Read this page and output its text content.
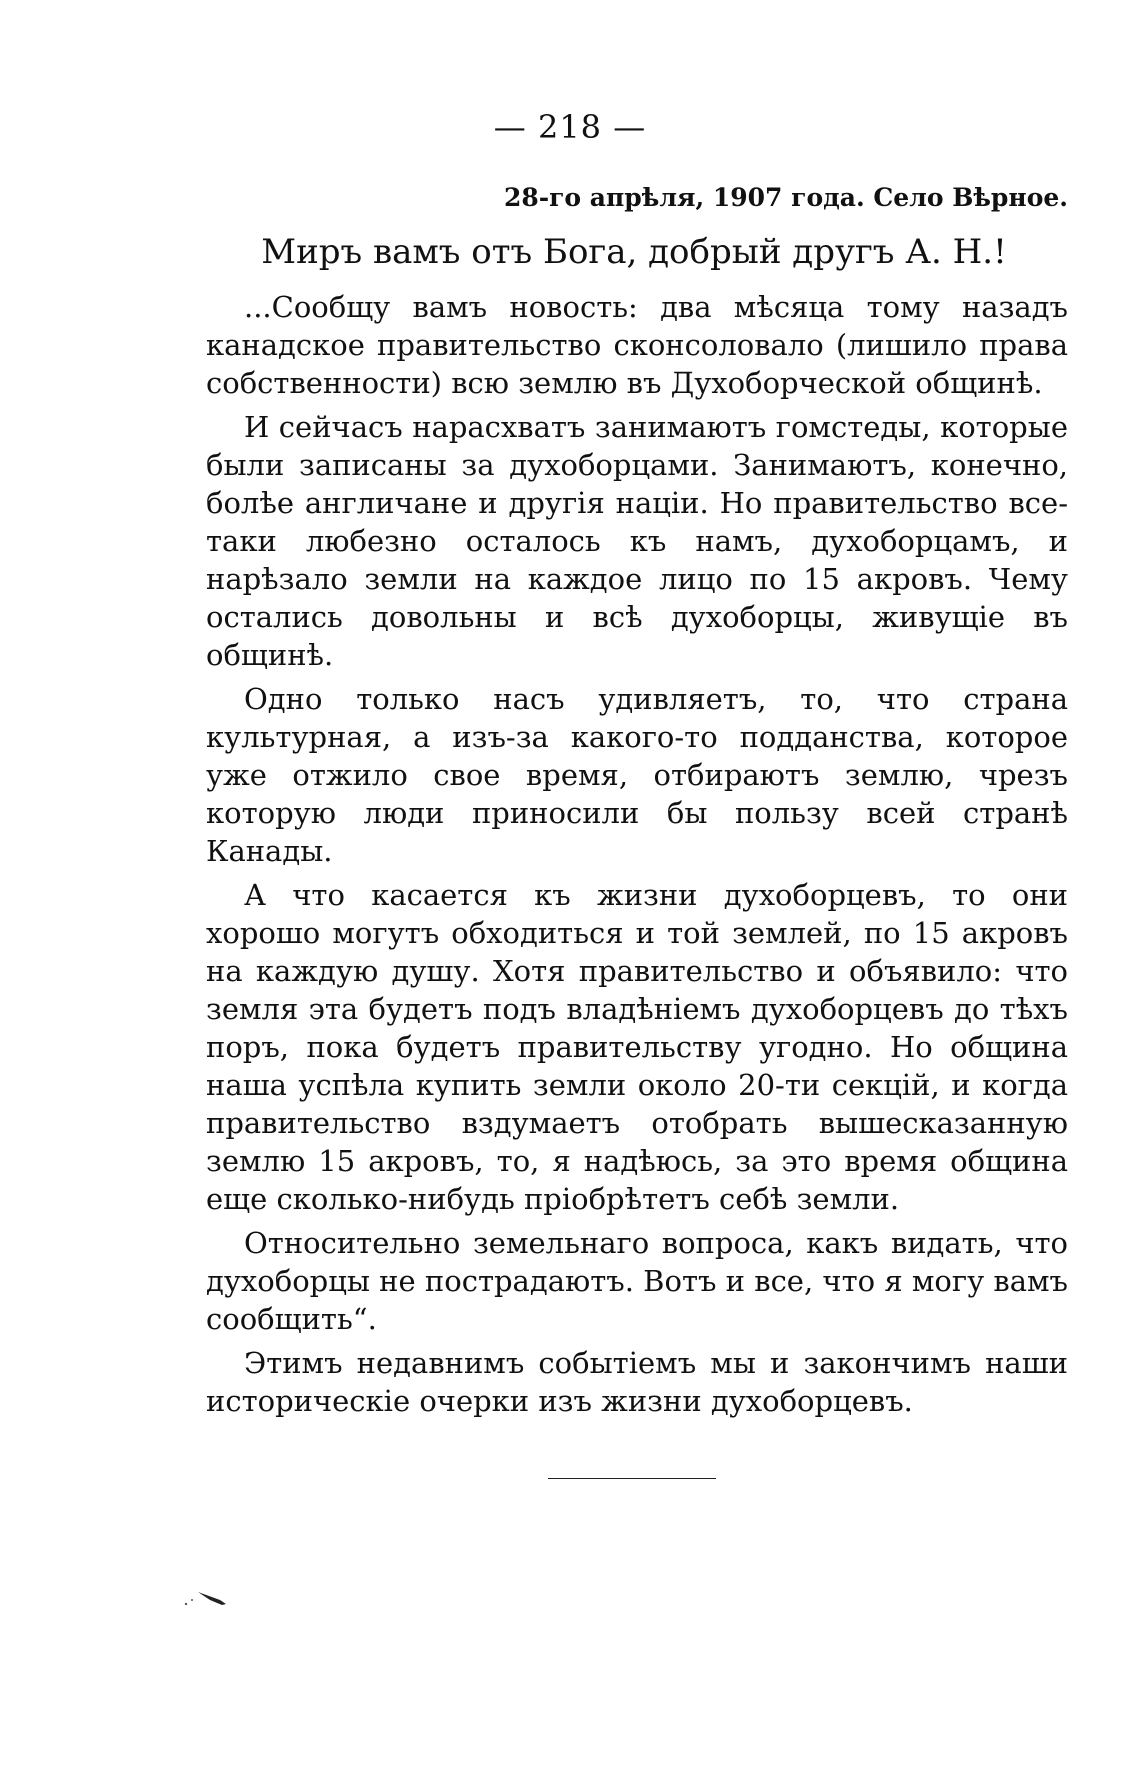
— 218 —
28-го апрѣля, 1907 года. Село Вѣрное.
Миръ вамъ отъ Бога, добрый другъ А. Н.!

...Сообщу вамъ новость: два мѣсяца тому назадъ канадское правительство сконсоловало (лишило права собственности) всю землю въ Духоборческой общинѣ.

И сейчасъ нарасхватъ занимаютъ гомстеды, которые были записаны за духоборцами. Занимаютъ, конечно, болѣе англичане и другiя націи. Но правительство все-таки любезно осталось къ намъ, духоборцамъ, и нарѣзало земли на каждое лицо по 15 акровъ. Чему остались довольны и всѣ духоборцы, живущіе въ общинѣ.

Одно только насъ удивляетъ, то, что страна культурная, а изъ-за какого-то подданства, которое уже отжило свое время, отбираютъ землю, чрезъ которую люди приносили бы пользу всей странѣ Канады.

А что касается къ жизни духоборцевъ, то они хорошо могутъ обходиться и той землей, по 15 акровъ на каждую душу. Хотя правительство и объявило: что земля эта будетъ подъ владѣніемъ духоборцевъ до тѣхъ поръ, пока будетъ правительству угодно. Но община наша успѣла купить земли около 20-ти секцій, и когда правительство вздумаетъ отобрать вышесказанную землю 15 акровъ, то, я надѣюсь, за это время община еще сколько-нибудь пріобрѣтетъ себѣ земли.

Относительно земельнаго вопроса, какъ видать, что духоборцы не пострадаютъ. Вотъ и все, что я могу вамъ сообщить“.

Этимъ недавнимъ событіемъ мы и закончимъ наши историческіе очерки изъ жизни духоборцевъ.
